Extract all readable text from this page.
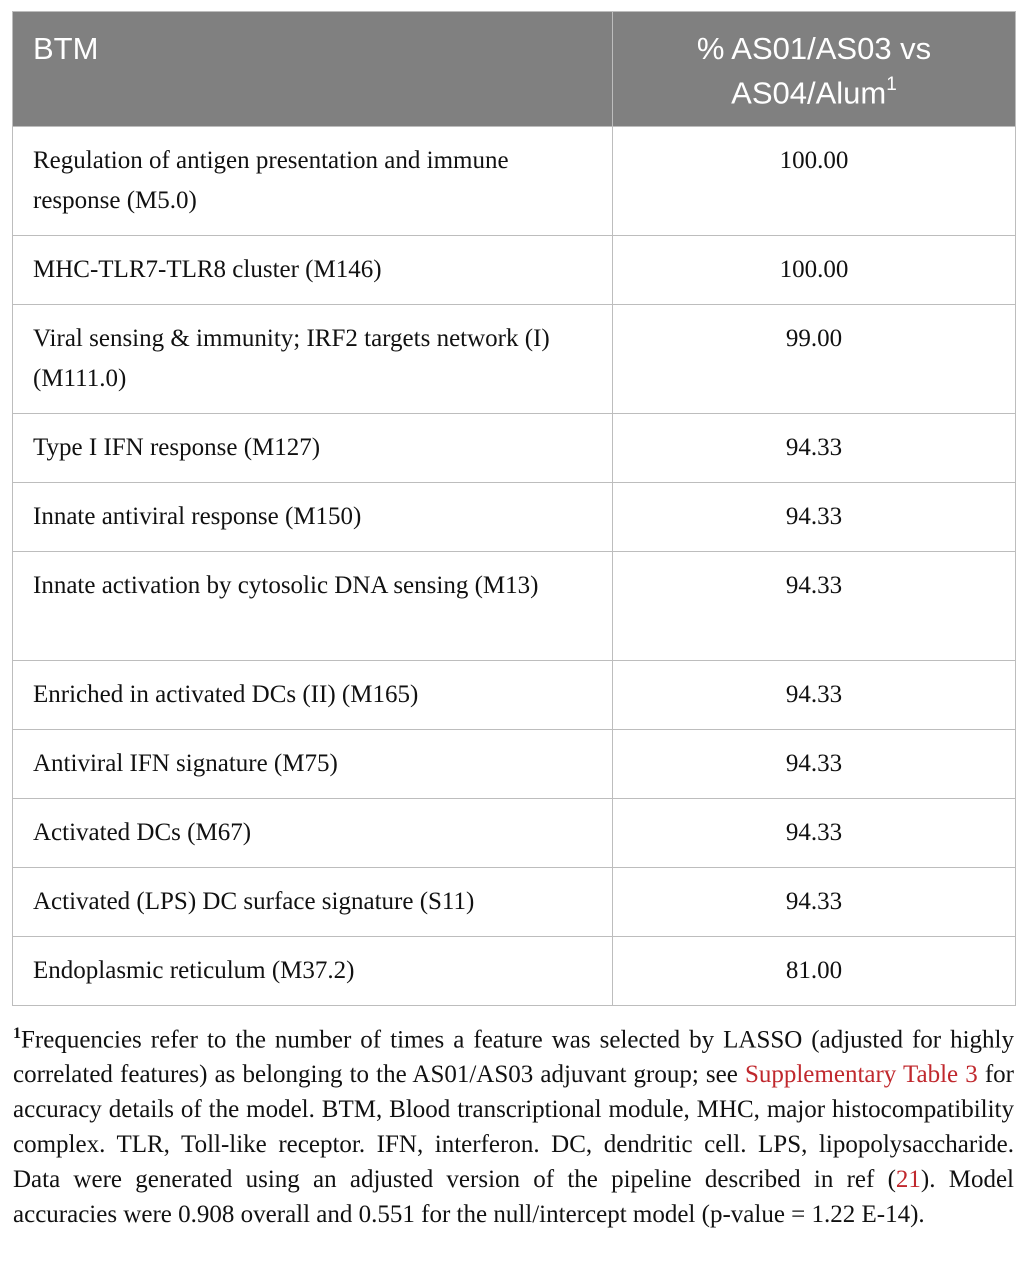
BTM	% AS01/AS03 vs
AS04/Alum$^1$
Regulation of antigen presentation and immune response (M5.0)	100.00
MHC-TLR7-TLR8 cluster (M146)	100.00
Viral sensing & immunity; IRF2 targets network (I) (M111.0)	99.00
Type I IFN response (M127)	94.33
Innate antiviral response (M150)	94.33
Innate activation by cytosolic DNA sensing (M13)	94.33
Enriched in activated DCs (II) (M165)	94.33
Antiviral IFN signature (M75)	94.33
Activated DCs (M67)	94.33
Activated (LPS) DC surface signature (S11)	94.33
Endoplasmic reticulum (M37.2)	81.00

$^1$Frequencies refer to the number of times a feature was selected by LASSO (adjusted for highly correlated features) as belonging to the AS01/AS03 adjuvant group; see Supplementary Table 3 for accuracy details of the model. BTM, Blood transcriptional module, MHC, major histocompatibility complex. TLR, Toll-like receptor. IFN, interferon. DC, dendritic cell. LPS, lipopolysaccharide. Data were generated using an adjusted version of the pipeline described in ref (21). Model accuracies were 0.908 overall and 0.551 for the null/intercept model (p-value = 1.22 E-14).
